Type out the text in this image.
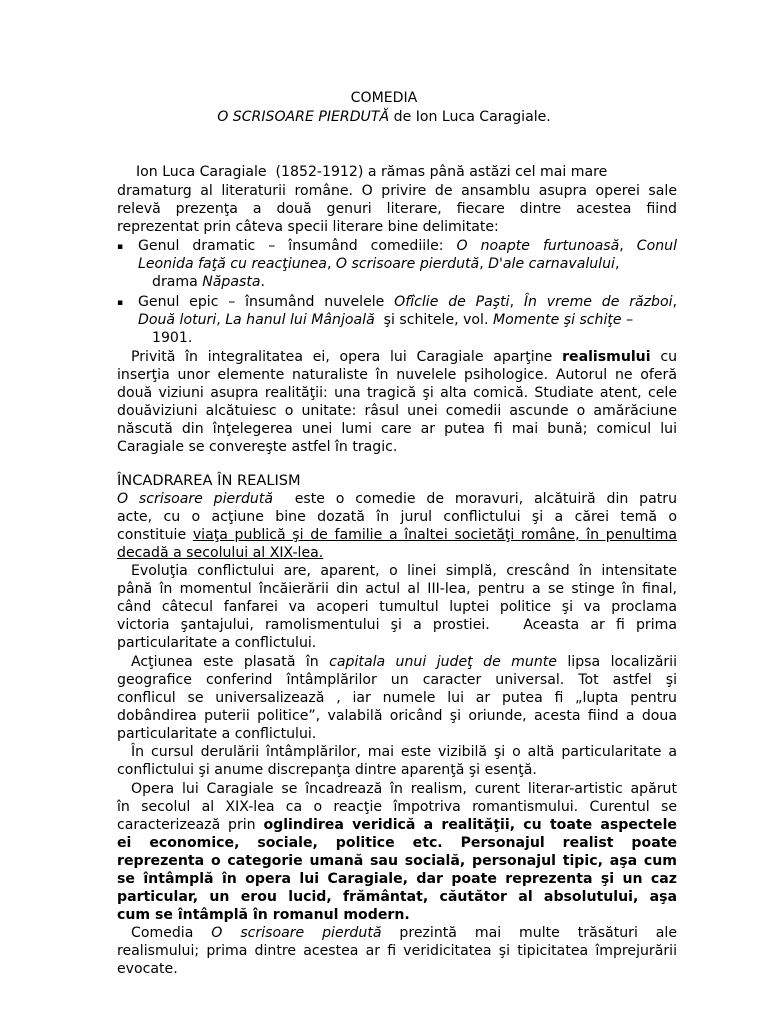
COMEDIA
O SCRISOARE PIERDUTĂ de Ion Luca Caragiale.
Ion Luca Caragiale  (1852-1912) a rămas până astăzi cel mai mare
dramaturg al literaturii române. O privire de ansamblu asupra operei sale
relevă prezenţa a două genuri literare, fiecare dintre acestea fiind
reprezentat prin câteva specii literare bine delimitate:
▪ Genul dramatic – însumând comediile: O noapte furtunoasă, Conul
Leonida faţă cu reacţiunea, O scrisoare pierdută, D'ale carnavalului,
drama Năpasta.
▪ Genul epic – însumând nuvelele Ofîclie de Paşti, În vreme de război,
Două loturi, La hanul lui Mânjoală  şi schitele, vol. Momente şi schiţe –
1901.
Privită în integralitatea ei, opera lui Caragiale aparţine realismului cu
inserţia unor elemente naturaliste în nuvelele psihologice. Autorul ne oferă
două viziuni asupra realităţii: una tragică şi alta comică. Studiate atent, cele
douăviziuni alcătuiesc o unitate: râsul unei comedii ascunde o amărăciune
născută din înţelegerea unei lumi care ar putea fi mai bună; comicul lui
Caragiale se convereşte astfel în tragic.
ÎNCADRAREA ÎN REALISM
O scrisoare pierdută  este o comedie de moravuri, alcătuiră din patru
acte, cu o acţiune bine dozată în jurul conflictului şi a cărei temă o
constituie viaţa publică şi de familie a înaltei societăţi române, în penultima
decadă a secolului al XIX-lea.
Evoluţia conflictului are, aparent, o linei simplă, crescând în intensitate
până în momentul încăierării din actul al III-lea, pentru a se stinge în final,
când câtecul fanfarei va acoperi tumultul luptei politice şi va proclama
victoria şantajului, ramolismentului şi a prostiei.   Aceasta ar fi prima
particularitate a conflictului.
Acţiunea este plasată în capitala unui judeţ de munte lipsa localizării
geografice conferind întâmplărilor un caracter universal. Tot astfel şi
conflicul se universalizează , iar numele lui ar putea fi „lupta pentru
dobândirea puterii politice”, valabilă oricând şi oriunde, acesta fiind a doua
particularitate a conflictului.
În cursul derulării întâmplărilor, mai este vizibilă şi o altă particularitate a
conflictului şi anume discrepanţa dintre aparenţă şi esenţă.
Opera lui Caragiale se încadrează în realism, curent literar-artistic apărut
în secolul al XIX-lea ca o reacţie împotriva romantismului. Curentul se
caracterizează prin oglindirea veridică a realităţii, cu toate aspectele
ei economice, sociale, politice etc. Personajul realist poate
reprezenta o categorie umană sau socială, personajul tipic, aşa cum
se întâmplă în opera lui Caragiale, dar poate reprezenta şi un caz
particular, un erou lucid, frământat, căutător al absolutului, aşa
cum se întâmplă în romanul modern.
Comedia O scrisoare pierdută prezintă mai multe trăsături ale
realismului; prima dintre acestea ar fi veridicitatea şi tipicitatea împrejurării
evocate.
